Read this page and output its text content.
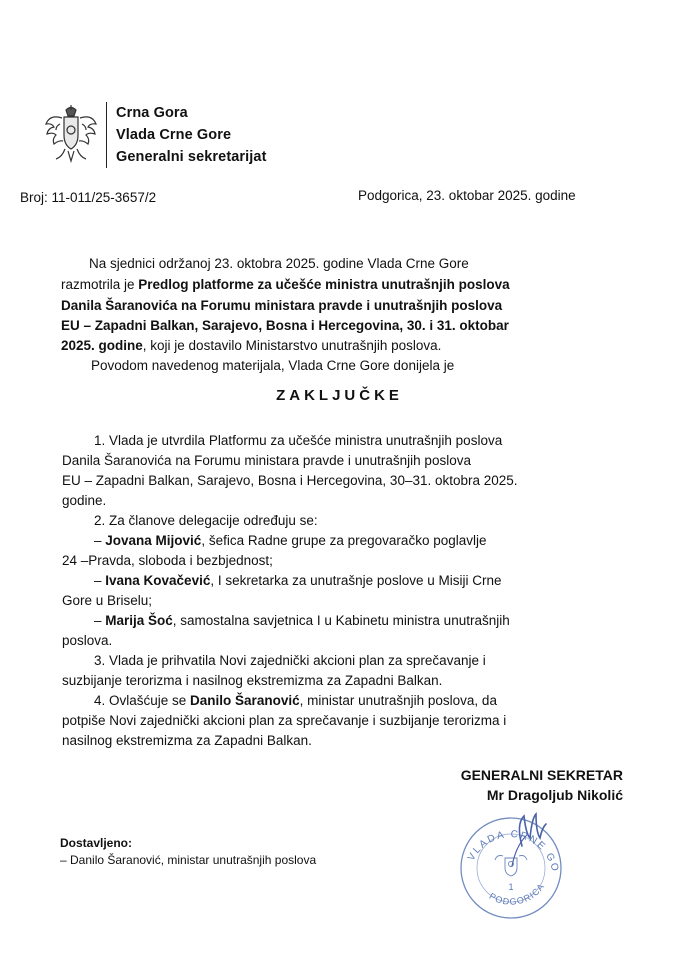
Crna Gora
Vlada Crne Gore
Generalni sekretarijat
Broj: 11-011/25-3657/2	Podgorica, 23. oktobar 2025. godine
Na sjednici održanoj 23. oktobra 2025. godine Vlada Crne Gore
razmotrila je Predlog platforme za učešće ministra unutrašnjih poslova
Danila Šaranovića na Forumu ministara pravde i unutrašnjih poslova
EU – Zapadni Balkan, Sarajevo, Bosna i Hercegovina, 30. i 31. oktobar
2025. godine, koji je dostavilo Ministarstvo unutrašnjih poslova.
Povodom navedenog materijala, Vlada Crne Gore donijela je
ZAKLJUČKE
1. Vlada je utvrdila Platformu za učešće ministra unutrašnjih poslova
Danila Šaranovića na Forumu ministara pravde i unutrašnjih poslova
EU – Zapadni Balkan, Sarajevo, Bosna i Hercegovina, 30–31. oktobra 2025.
godine.
2. Za članove delegacije određuju se:
– Jovana Mijović, šefica Radne grupe za pregovaračko poglavlje
24 –Pravda, sloboda i bezbjednost;
– Ivana Kovačević, I sekretarka za unutrašnje poslove u Misiji Crne
Gore u Briselu;
– Marija Šoć, samostalna savjetnica I u Kabinetu ministra unutrašnjih
poslova.
3. Vlada je prihvatila Novi zajednički akcioni plan za sprečavanje i
suzbijanje terorizma i nasilnog ekstremizma za Zapadni Balkan.
4. Ovlašćuje se Danilo Šaranović, ministar unutrašnjih poslova, da
potpiše Novi zajednički akcioni plan za sprečavanje i suzbijanje terorizma i
nasilnog ekstremizma za Zapadni Balkan.
GENERALNI SEKRETAR
Mr Dragoljub Nikolić
VLADA CRNE GO
1
PODGORICA
Dostavljeno:
– Danilo Šaranović, ministar unutrašnjih poslova
